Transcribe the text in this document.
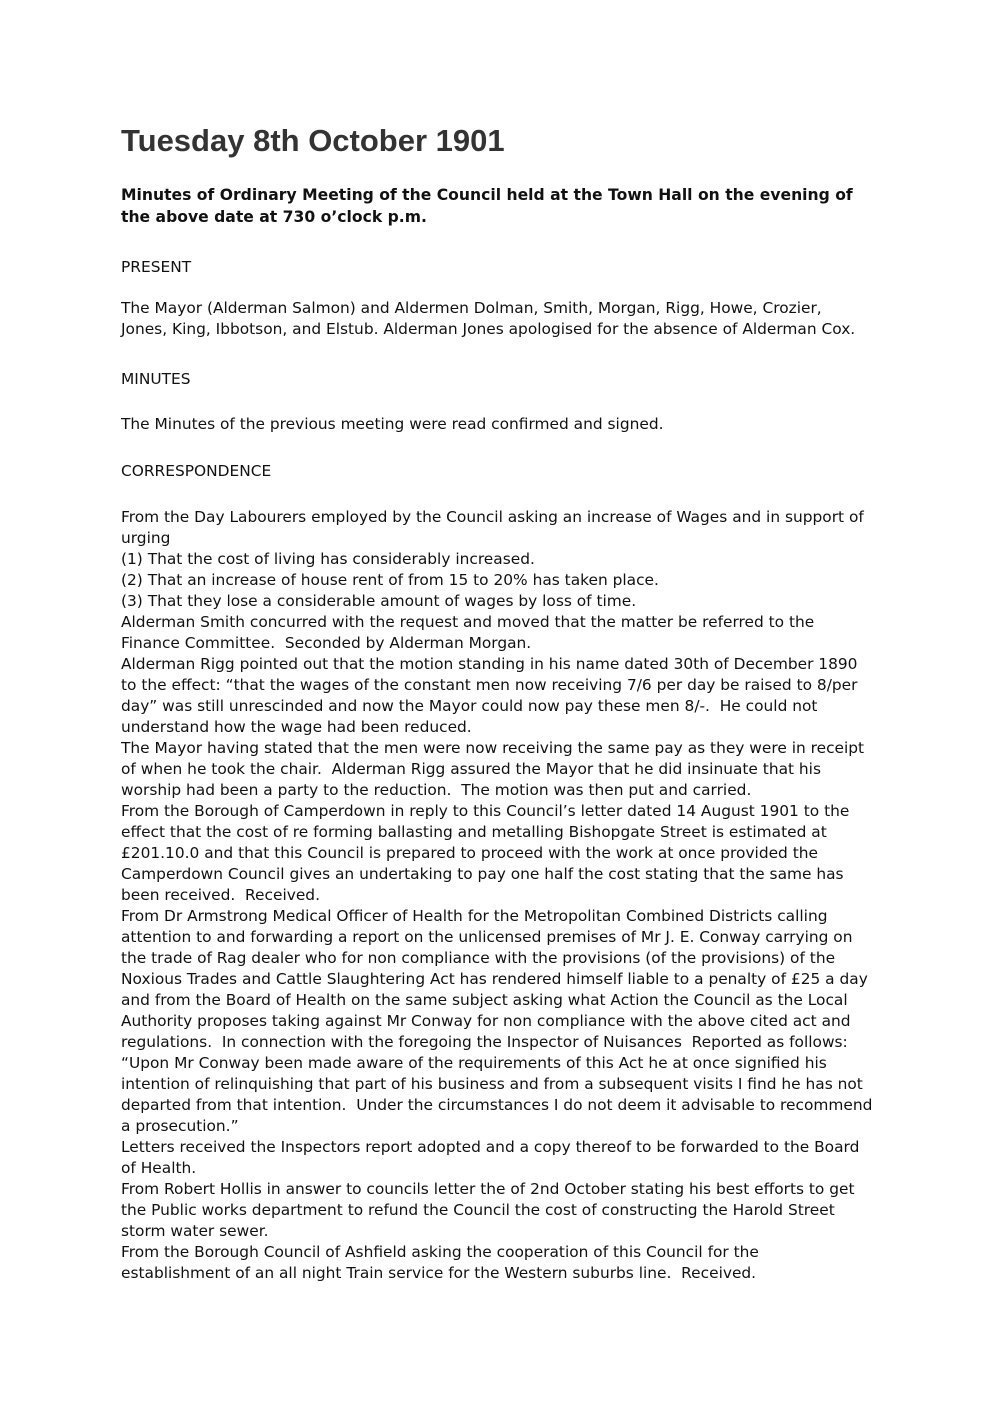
Tuesday 8th October 1901
Minutes of Ordinary Meeting of the Council held at the Town Hall on the evening of
the above date at 730 o’clock p.m.
PRESENT
The Mayor (Alderman Salmon) and Aldermen Dolman, Smith, Morgan, Rigg, Howe, Crozier,
Jones, King, Ibbotson, and Elstub. Alderman Jones apologised for the absence of Alderman Cox.
MINUTES
The Minutes of the previous meeting were read confirmed and signed.
CORRESPONDENCE
From the Day Labourers employed by the Council asking an increase of Wages and in support of
urging
(1) That the cost of living has considerably increased.
(2) That an increase of house rent of from 15 to 20% has taken place.
(3) That they lose a considerable amount of wages by loss of time.
Alderman Smith concurred with the request and moved that the matter be referred to the
Finance Committee.  Seconded by Alderman Morgan.
Alderman Rigg pointed out that the motion standing in his name dated 30th of December 1890
to the effect: “that the wages of the constant men now receiving 7/6 per day be raised to 8/per
day” was still unrescinded and now the Mayor could now pay these men 8/-.  He could not
understand how the wage had been reduced.
The Mayor having stated that the men were now receiving the same pay as they were in receipt
of when he took the chair.  Alderman Rigg assured the Mayor that he did insinuate that his
worship had been a party to the reduction.  The motion was then put and carried.
From the Borough of Camperdown in reply to this Council’s letter dated 14 August 1901 to the
effect that the cost of re forming ballasting and metalling Bishopgate Street is estimated at
£201.10.0 and that this Council is prepared to proceed with the work at once provided the
Camperdown Council gives an undertaking to pay one half the cost stating that the same has
been received.  Received.
From Dr Armstrong Medical Officer of Health for the Metropolitan Combined Districts calling
attention to and forwarding a report on the unlicensed premises of Mr J. E. Conway carrying on
the trade of Rag dealer who for non compliance with the provisions (of the provisions) of the
Noxious Trades and Cattle Slaughtering Act has rendered himself liable to a penalty of £25 a day
and from the Board of Health on the same subject asking what Action the Council as the Local
Authority proposes taking against Mr Conway for non compliance with the above cited act and
regulations.  In connection with the foregoing the Inspector of Nuisances  Reported as follows:
“Upon Mr Conway been made aware of the requirements of this Act he at once signified his
intention of relinquishing that part of his business and from a subsequent visits I find he has not
departed from that intention.  Under the circumstances I do not deem it advisable to recommend
a prosecution.”
Letters received the Inspectors report adopted and a copy thereof to be forwarded to the Board
of Health.
From Robert Hollis in answer to councils letter the of 2nd October stating his best efforts to get
the Public works department to refund the Council the cost of constructing the Harold Street
storm water sewer.
From the Borough Council of Ashfield asking the cooperation of this Council for the
establishment of an all night Train service for the Western suburbs line.  Received.
